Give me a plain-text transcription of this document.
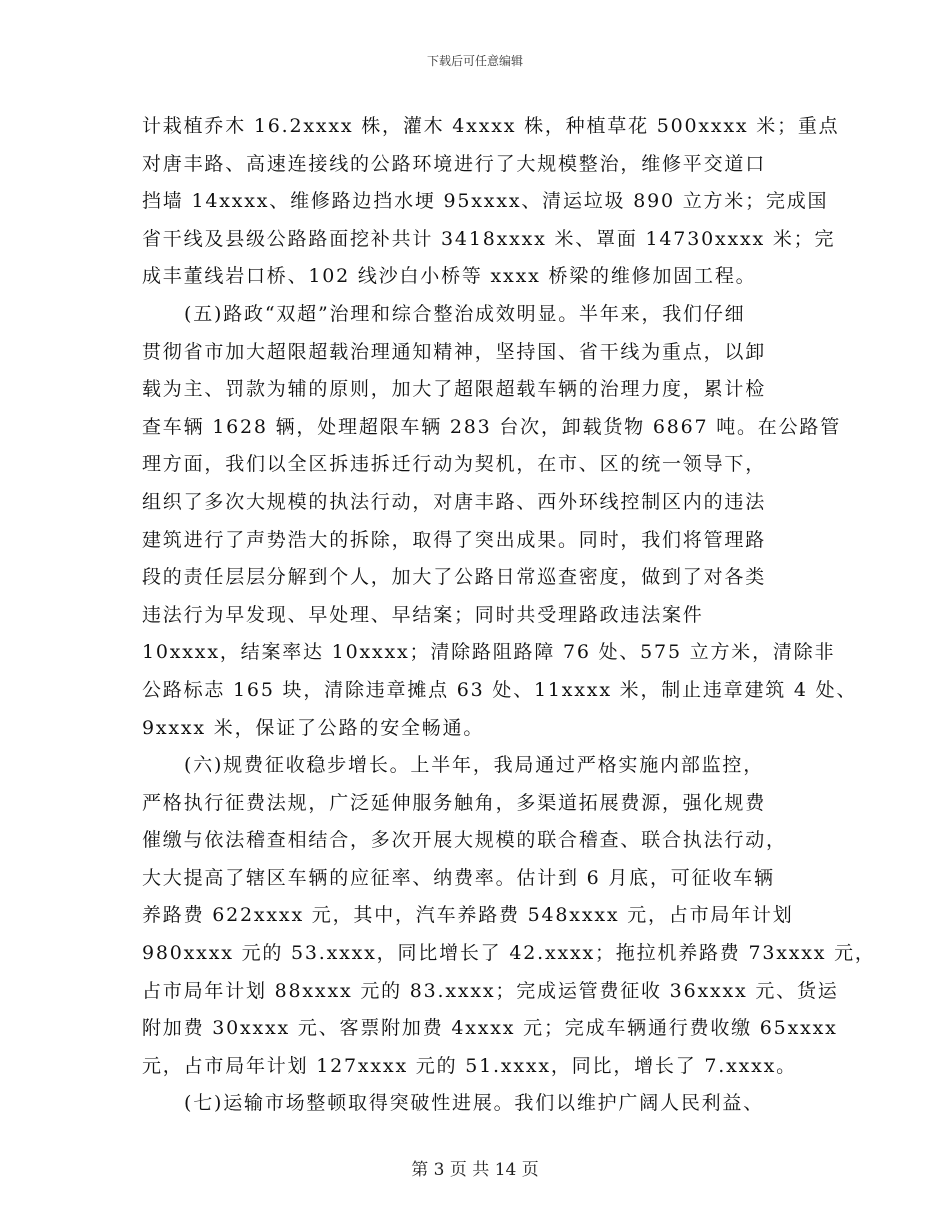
下载后可任意编辑
计栽植乔木 16.2xxxx 株，灌木 4xxxx 株，种植草花 500xxxx 米；重点
对唐丰路、高速连接线的公路环境进行了大规模整治，维修平交道口
挡墙 14xxxx、维修路边挡水埂 95xxxx、清运垃圾 890 立方米；完成国
省干线及县级公路路面挖补共计 3418xxxx 米、罩面 14730xxxx 米；完
成丰董线岩口桥、102 线沙白小桥等 xxxx 桥梁的维修加固工程。
(五)路政“双超”治理和综合整治成效明显。半年来，我们仔细
贯彻省市加大超限超载治理通知精神，坚持国、省干线为重点，以卸
载为主、罚款为辅的原则，加大了超限超载车辆的治理力度，累计检
查车辆 1628 辆，处理超限车辆 283 台次，卸载货物 6867 吨。在公路管
理方面，我们以全区拆违拆迁行动为契机，在市、区的统一领导下，
组织了多次大规模的执法行动，对唐丰路、西外环线控制区内的违法
建筑进行了声势浩大的拆除，取得了突出成果。同时，我们将管理路
段的责任层层分解到个人，加大了公路日常巡查密度，做到了对各类
违法行为早发现、早处理、早结案；同时共受理路政违法案件
10xxxx，结案率达 10xxxx；清除路阻路障 76 处、575 立方米，清除非
公路标志 165 块，清除违章摊点 63 处、11xxxx 米，制止违章建筑 4 处、
9xxxx 米，保证了公路的安全畅通。
(六)规费征收稳步增长。上半年，我局通过严格实施内部监控，
严格执行征费法规，广泛延伸服务触角，多渠道拓展费源，强化规费
催缴与依法稽查相结合，多次开展大规模的联合稽查、联合执法行动，
大大提高了辖区车辆的应征率、纳费率。估计到 6 月底，可征收车辆
养路费 622xxxx 元，其中，汽车养路费 548xxxx 元，占市局年计划
980xxxx 元的 53.xxxx，同比增长了 42.xxxx；拖拉机养路费 73xxxx 元，
占市局年计划 88xxxx 元的 83.xxxx；完成运管费征收 36xxxx 元、货运
附加费 30xxxx 元、客票附加费 4xxxx 元；完成车辆通行费收缴 65xxxx
元，占市局年计划 127xxxx 元的 51.xxxx，同比，增长了 7.xxxx。
(七)运输市场整顿取得突破性进展。我们以维护广阔人民利益、
第 3 页 共 14 页
